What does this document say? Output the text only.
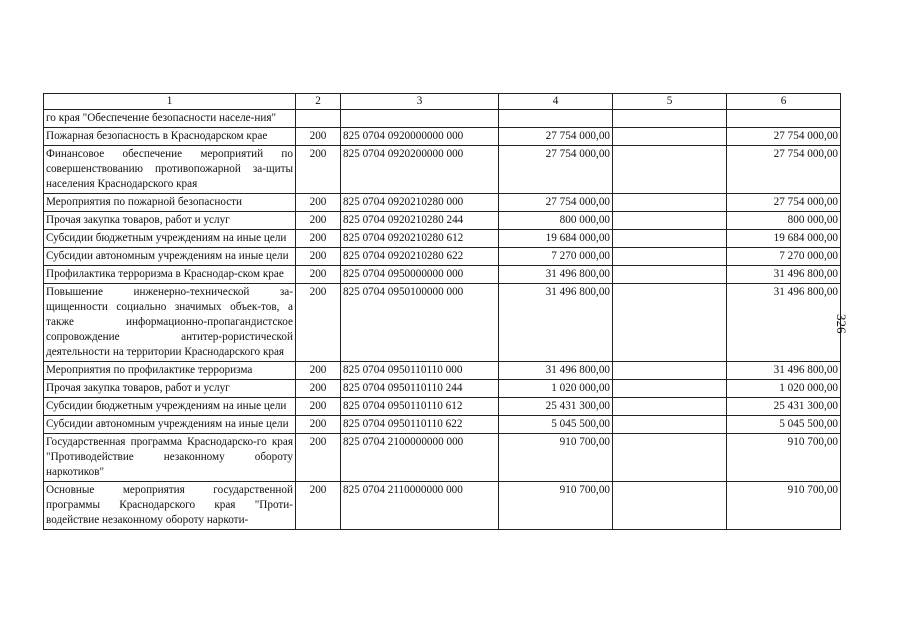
1	2	3	4	5	6
го края "Обеспечение безопасности населе-ния"					
Пожарная безопасность в Краснодарском крае	200	825 0704 0920000000 000	27 754 000,00		27 754 000,00
Финансовое обеспечение мероприятий по совершенствованию противопожарной за-щиты населения Краснодарского края	200	825 0704 0920200000 000	27 754 000,00		27 754 000,00
Мероприятия по пожарной безопасности	200	825 0704 0920210280 000	27 754 000,00		27 754 000,00
Прочая закупка товаров, работ и услуг	200	825 0704 0920210280 244	800 000,00		800 000,00
Субсидии бюджетным учреждениям на иные цели	200	825 0704 0920210280 612	19 684 000,00		19 684 000,00
Субсидии автономным учреждениям на иные цели	200	825 0704 0920210280 622	7 270 000,00		7 270 000,00
Профилактика терроризма в Краснодар-ском крае	200	825 0704 0950000000 000	31 496 800,00		31 496 800,00
Повышение инженерно-технической за-щищенности социально значимых объек-тов, а также информационно-пропагандистское сопровождение антитер-рористической деятельности на территории Краснодарского края	200	825 0704 0950100000 000	31 496 800,00		31 496 800,00
Мероприятия по профилактике терроризма	200	825 0704 0950110110 000	31 496 800,00		31 496 800,00
Прочая закупка товаров, работ и услуг	200	825 0704 0950110110 244	1 020 000,00		1 020 000,00
Субсидии бюджетным учреждениям на иные цели	200	825 0704 0950110110 612	25 431 300,00		25 431 300,00
Субсидии автономным учреждениям на иные цели	200	825 0704 0950110110 622	5 045 500,00		5 045 500,00
Государственная программа Краснодарско-го края "Противодействие незаконному обороту наркотиков"	200	825 0704 2100000000 000	910 700,00		910 700,00
Основные мероприятия государственной программы Краснодарского края "Проти-водействие незаконному обороту наркоти-	200	825 0704 2110000000 000	910 700,00		910 700,00
326
